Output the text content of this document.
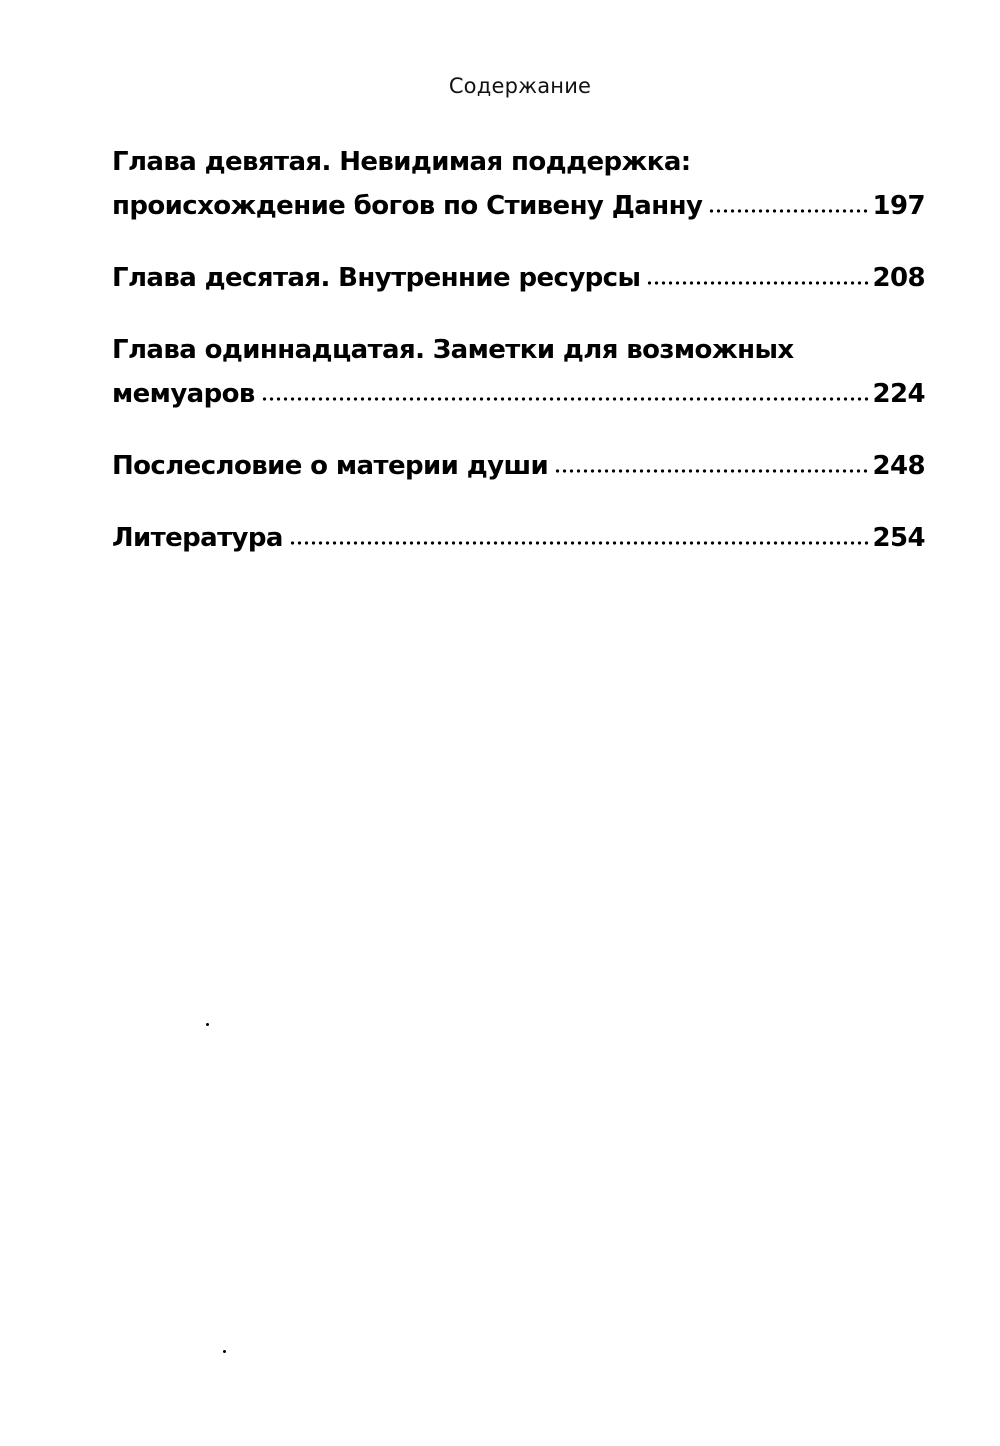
Содержание
Глава девятая. Невидимая поддержка:
происхождение богов по Стивену Данну	197
Глава десятая. Внутренние ресурсы	208
Глава одиннадцатая. Заметки для возможных
мемуаров	224
Послесловие о материи души	248
Литература	254
